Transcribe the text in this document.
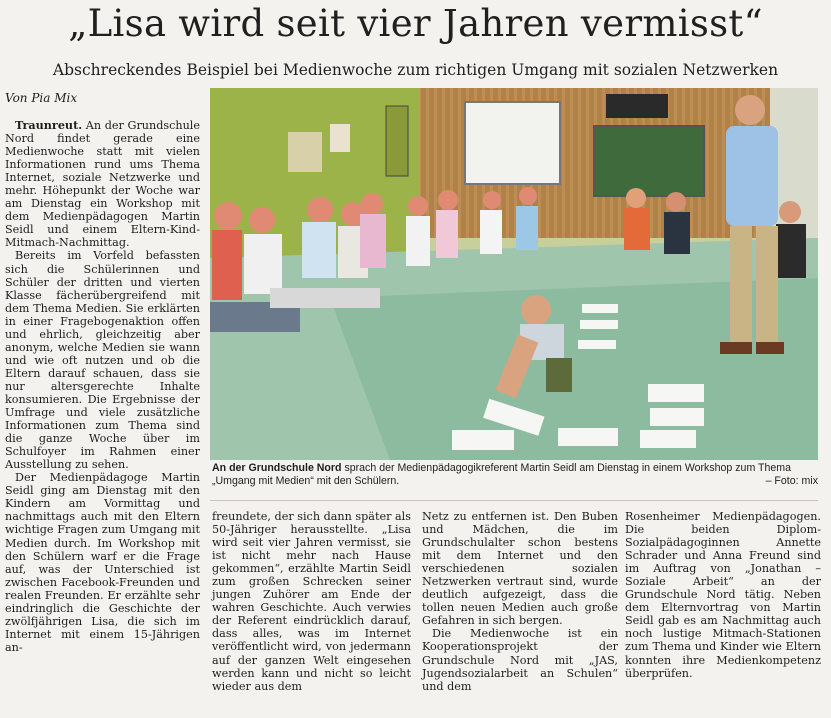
„Lisa wird seit vier Jahren vermisst“
Abschreckendes Beispiel bei Medienwoche zum richtigen Umgang mit sozialen Netzwerken
Von Pia Mix

Traunreut. An der Grundschule Nord findet gerade eine Medienwoche statt mit vielen Informationen rund ums Thema Internet, soziale Netzwerke und mehr. Höhepunkt der Woche war am Dienstag ein Workshop mit dem Medienpädagogen Martin Seidl und einem Eltern-Kind-Mitmach-Nachmittag.

Bereits im Vorfeld befassten sich die Schülerinnen und Schüler der dritten und vierten Klasse fächerübergreifend mit dem Thema Medien. Sie erklärten in einer Fragebogenaktion offen und ehrlich, gleichzeitig aber anonym, welche Medien sie wann und wie oft nutzen und ob die Eltern darauf schauen, dass sie nur altersgerechte Inhalte konsumieren. Die Ergebnisse der Umfrage und viele zusätzliche Informationen zum Thema sind die ganze Woche über im Schulfoyer im Rahmen einer Ausstellung zu sehen.

Der Medienpädagoge Martin Seidl ging am Dienstag mit den Kindern am Vormittag und nachmittags auch mit den Eltern wichtige Fragen zum Umgang mit Medien durch. Im Workshop mit den Schülern warf er die Frage auf, was der Unterschied ist zwischen Facebook-Freunden und realen Freunden. Er erzählte sehr eindringlich die Geschichte der zwölfjährigen Lisa, die sich im Internet mit einem 15-Jährigen an-

An der Grundschule Nord sprach der Medienpädagogikreferent Martin Seidl am Dienstag in einem Workshop zum Thema „Umgang mit Medien“ mit den Schülern.	– Foto: mix

freundete, der sich dann später als 50-Jähriger herausstellte. „Lisa wird seit vier Jahren vermisst, sie ist nicht mehr nach Hause gekommen“, erzählte Martin Seidl zum großen Schrecken seiner jungen Zuhörer am Ende der wahren Geschichte. Auch verwies der Referent eindrücklich darauf, dass alles, was im Internet veröffentlicht wird, von jedermann auf der ganzen Welt eingesehen werden kann und nicht so leicht wieder aus dem

Netz zu entfernen ist. Den Buben und Mädchen, die im Grundschulalter schon bestens mit dem Internet und den verschiedenen sozialen Netzwerken vertraut sind, wurde deutlich aufgezeigt, dass die tollen neuen Medien auch große Gefahren in sich bergen.

Die Medienwoche ist ein Kooperationsprojekt der Grundschule Nord mit „JAS, Jugendsozialarbeit an Schulen“ und dem

Rosenheimer Medienpädagogen. Die beiden Diplom-Sozialpädagoginnen Annette Schrader und Anna Freund sind im Auftrag von „Jonathan – Soziale Arbeit“ an der Grundschule Nord tätig. Neben dem Elternvortrag von Martin Seidl gab es am Nachmittag auch noch lustige Mitmach-Stationen zum Thema und Kinder wie Eltern konnten ihre Medienkompetenz überprüfen.
